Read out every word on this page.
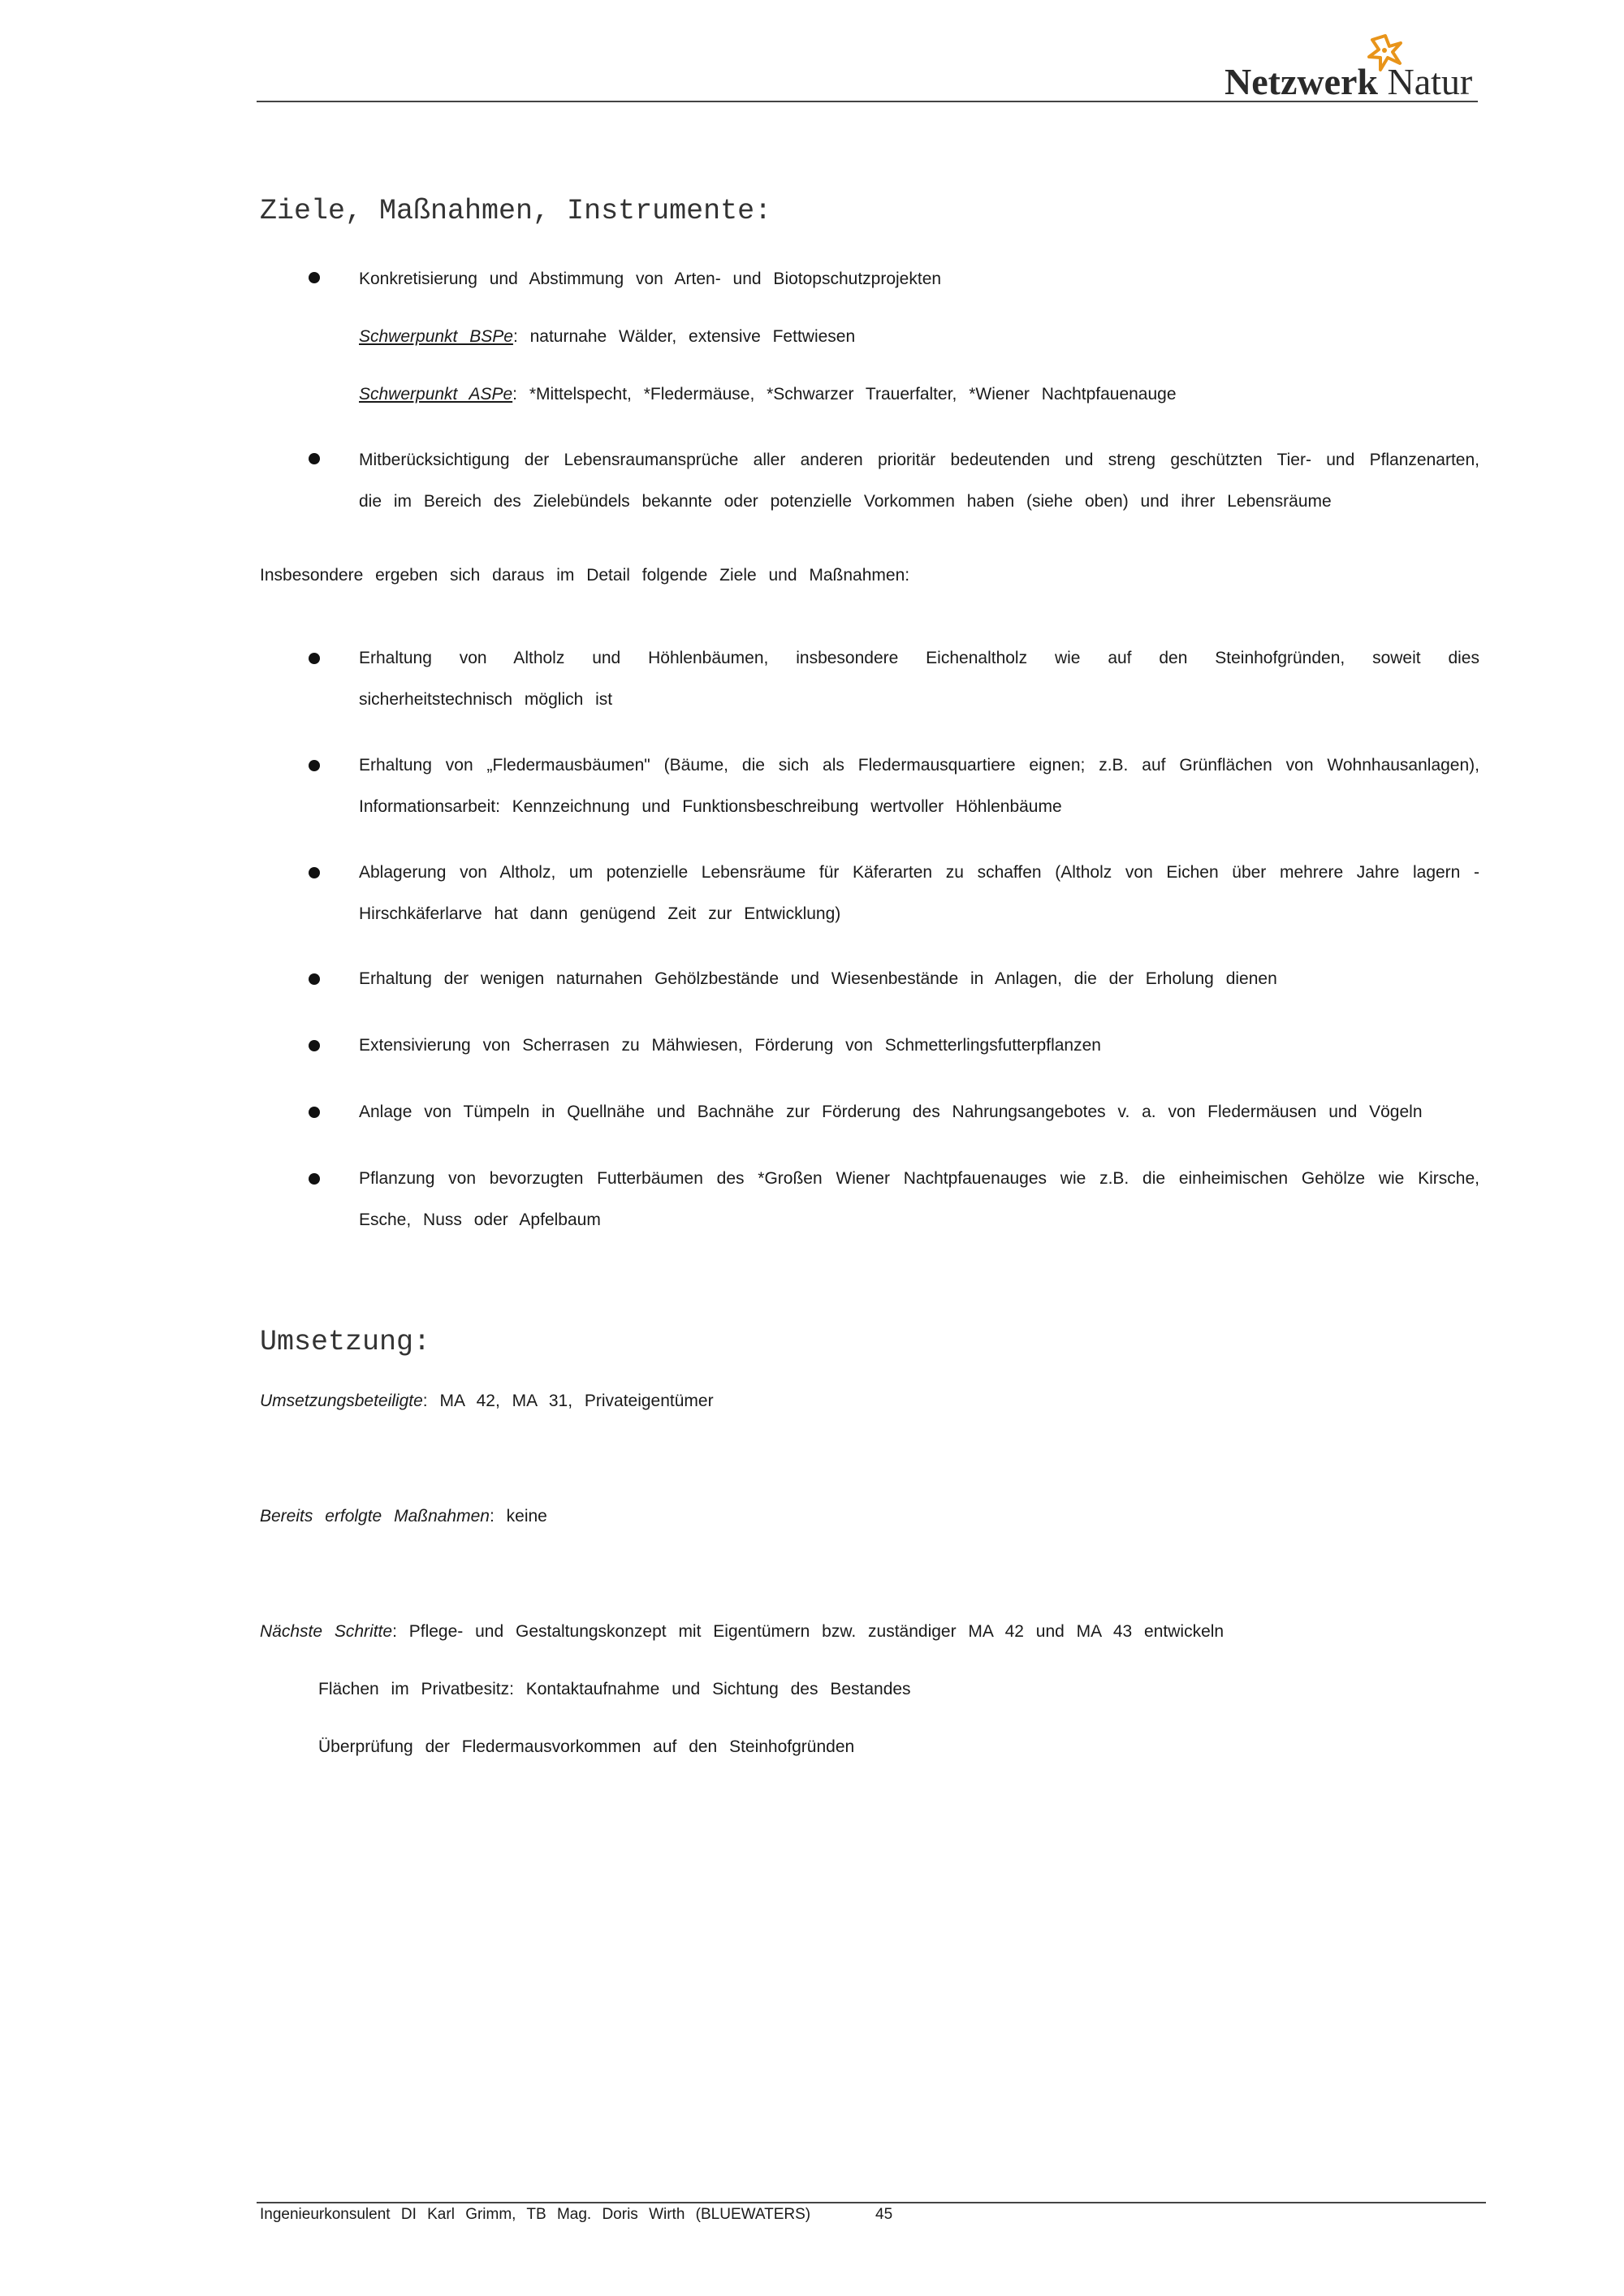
Netzwerk Natur
Ziele, Maßnahmen, Instrumente:
Konkretisierung und Abstimmung von Arten- und Biotopschutzprojekten
Schwerpunkt BSPe: naturnahe Wälder, extensive Fettwiesen
Schwerpunkt ASPe: *Mittelspecht, *Fledermäuse, *Schwarzer Trauerfalter, *Wiener Nachtpfauenauge
Mitberücksichtigung der Lebensraumansprüche aller anderen prioritär bedeutenden und streng geschützten Tier- und Pflanzenarten,
die im Bereich des Zielebündels bekannte oder potenzielle Vorkommen haben (siehe oben) und ihrer Lebensräume
Insbesondere ergeben sich daraus im Detail folgende Ziele und Maßnahmen:
Erhaltung von Altholz und Höhlenbäumen, insbesondere Eichenaltholz wie auf den Steinhofgründen, soweit dies
sicherheitstechnisch möglich ist
Erhaltung von „Fledermausbäumen" (Bäume, die sich als Fledermausquartiere eignen; z.B. auf Grünflächen von Wohnhausanlagen),
Informationsarbeit: Kennzeichnung und Funktionsbeschreibung wertvoller Höhlenbäume
Ablagerung von Altholz, um potenzielle Lebensräume für Käferarten zu schaffen (Altholz von Eichen über mehrere Jahre lagern -
Hirschkäferlarve hat dann genügend Zeit zur Entwicklung)
Erhaltung der wenigen naturnahen Gehölzbestände und Wiesenbestände in Anlagen, die der Erholung dienen
Extensivierung von Scherrasen zu Mähwiesen, Förderung von Schmetterlingsfutterpflanzen
Anlage von Tümpeln in Quellnähe und Bachnähe zur Förderung des Nahrungsangebotes v. a. von Fledermäusen und Vögeln
Pflanzung von bevorzugten Futterbäumen des *Großen Wiener Nachtpfauenauges wie z.B. die einheimischen Gehölze wie Kirsche,
Esche, Nuss oder Apfelbaum
Umsetzung:
Umsetzungsbeteiligte: MA 42, MA 31, Privateigentümer
Bereits erfolgte Maßnahmen: keine
Nächste Schritte: Pflege- und Gestaltungskonzept mit Eigentümern bzw. zuständiger MA 42 und MA 43 entwickeln
Flächen im Privatbesitz: Kontaktaufnahme und Sichtung des Bestandes
Überprüfung der Fledermausvorkommen auf den Steinhofgründen
Ingenieurkonsulent DI Karl Grimm, TB Mag. Doris Wirth (BLUEWATERS)	45
